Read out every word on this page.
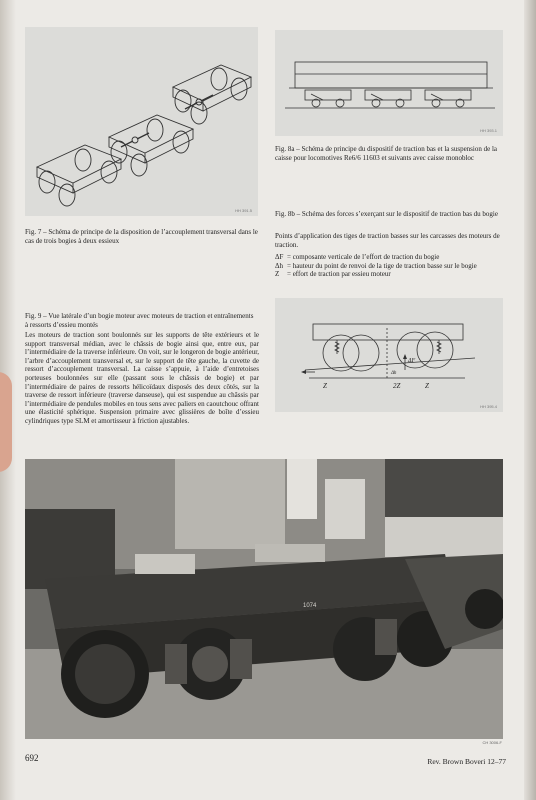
HH 391.5
Fig. 7 – Schéma de principe de la disposition de l’accouplement transversal dans le cas de trois bogies à deux essieux
HH 393.1
Fig. 8a – Schéma de principe du dispositif de traction bas et la suspension de la caisse pour locomotives Re6/6 11603 et suivants avec caisse monobloc
Fig. 8b – Schéma des forces s’exerçant sur le dispositif de traction bas du bogie
Points d’application des tiges de traction basses sur les carcasses des moteurs de traction.
ΔF = composante verticale de l’effort de traction du bogie
Δh = hauteur du point de renvoi de la tige de traction basse sur le bogie
Z = effort de traction par essieu moteur
Z	2Z	Z
ΔF
Δh
HH 395.4
Fig. 9 – Vue latérale d’un bogie moteur avec moteurs de traction et entraînements à ressorts d’essieu montés
Les moteurs de traction sont boulonnés sur les supports de tête extérieurs et le support transversal médian, avec le châssis de bogie ainsi que, entre eux, par l’intermédiaire de la traverse inférieure. On voit, sur le longeron de bogie antérieur, l’arbre d’accouplement transversal et, sur le support de tête gauche, la cuvette de ressort d’accouplement transversal. La caisse s’appuie, à l’aide d’entretoises porteuses boulonnées sur elle (passant sous le châssis de bogie) et par l’intermédiaire de paires de ressorts hélicoïdaux disposés des deux côtés, sur la traverse de ressort inférieure (traverse danseuse), qui est suspendue au châssis par l’intermédiaire de pendules mobiles en tous sens avec paliers en caoutchouc offrant une élasticité sphérique. Suspension primaire avec glissières de boîte d’essieu cylindriques type SLM et amortisseur à friction ajustables.
1074
CH 3006-F
692	Rev. Brown Boveri 12–77
